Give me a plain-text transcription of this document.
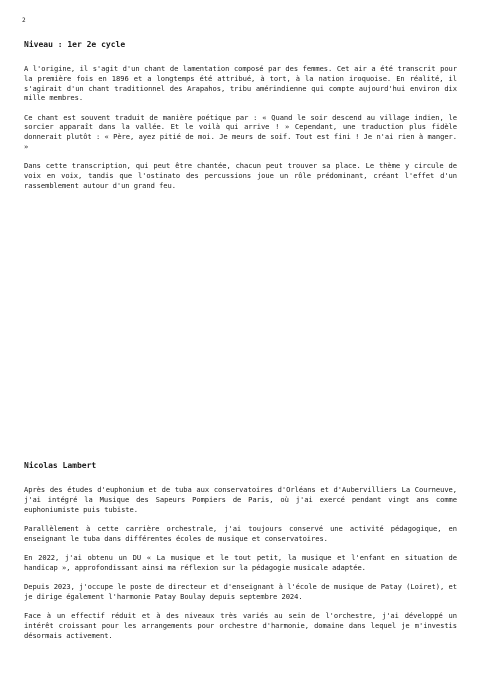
2
Niveau : 1er 2e cycle

A l'origine, il s'agit d'un chant de lamentation composé par des femmes. Cet air a été transcrit pour la première fois en 1896 et a longtemps été attribué, à tort, à la nation iroquoise. En réalité, il s'agirait d'un chant traditionnel des Arapahos, tribu amérindienne qui compte aujourd'hui environ dix mille membres.

Ce chant est souvent traduit de manière poétique par : « Quand le soir descend au village indien, le sorcier apparaît dans la vallée. Et le voilà qui arrive ! » Cependant, une traduction plus fidèle donnerait plutôt : « Père, ayez pitié de moi. Je meurs de soif. Tout est fini ! Je n'ai rien à manger. »

Dans cette transcription, qui peut être chantée, chacun peut trouver sa place. Le thème y circule de voix en voix, tandis que l'ostinato des percussions joue un rôle prédominant, créant l'effet d'un rassemblement autour d'un grand feu.

Nicolas Lambert

Après des études d'euphonium et de tuba aux conservatoires d'Orléans et d'Aubervilliers La Courneuve, j'ai intégré la Musique des Sapeurs Pompiers de Paris, où j'ai exercé pendant vingt ans comme euphoniumiste puis tubiste.

Parallèlement à cette carrière orchestrale, j'ai toujours conservé une activité pédagogique, en enseignant le tuba dans différentes écoles de musique et conservatoires.

En 2022, j'ai obtenu un DU « La musique et le tout petit, la musique et l'enfant en situation de handicap », approfondissant ainsi ma réflexion sur la pédagogie musicale adaptée.

Depuis 2023, j'occupe le poste de directeur et d'enseignant à l'école de musique de Patay (Loiret), et je dirige également l'harmonie Patay Boulay depuis septembre 2024.

Face à un effectif réduit et à des niveaux très variés au sein de l'orchestre, j'ai développé un intérêt croissant pour les arrangements pour orchestre d'harmonie, domaine dans lequel je m'investis désormais activement.
